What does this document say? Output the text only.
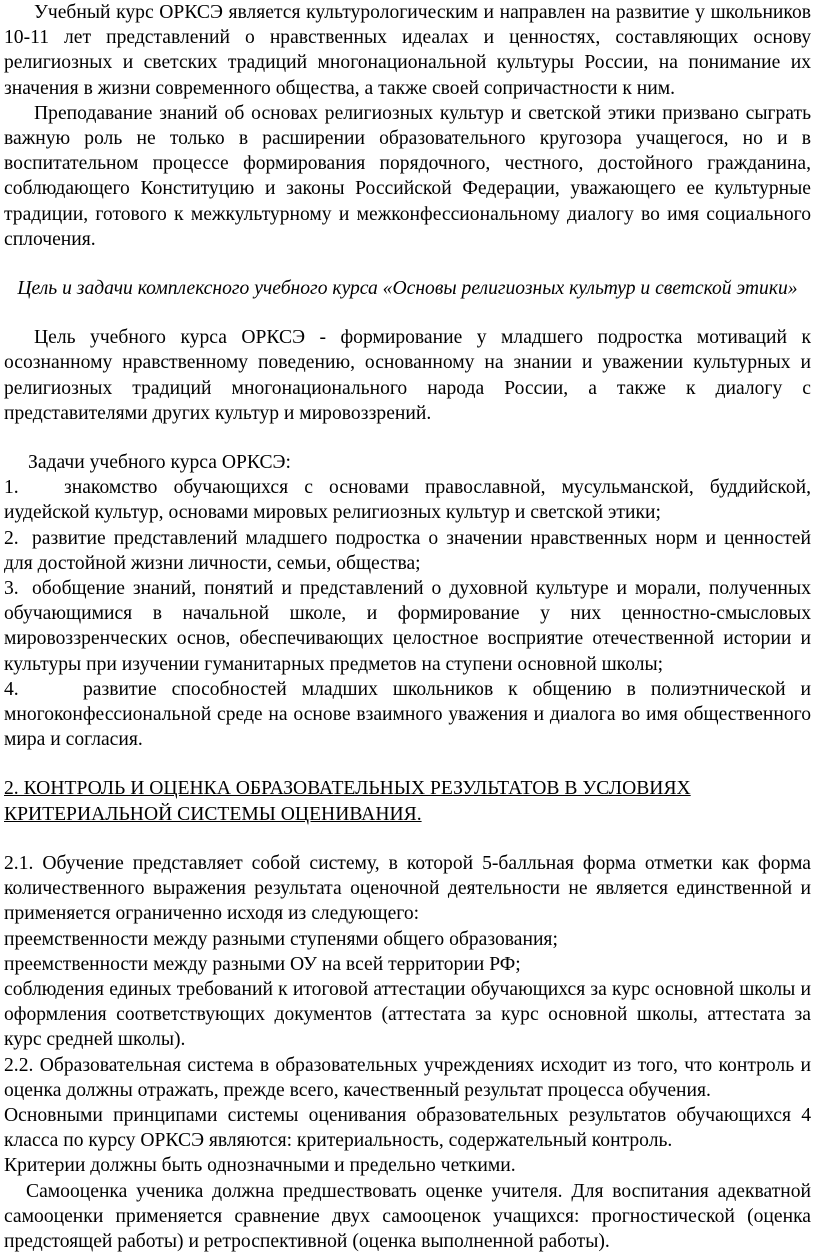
Учебный курс ОРКСЭ является культурологическим и направлен на развитие у школьников 10-11 лет представлений о нравственных идеалах и ценностях, составляющих основу религиозных и светских традиций многонациональной культуры России, на понимание их значения в жизни современного общества, а также своей сопричастности к ним.

Преподавание знаний об основах религиозных культур и светской этики призвано сыграть важную роль не только в расширении образовательного кругозора учащегося, но и в воспитательном процессе формирования порядочного, честного, достойного гражданина, соблюдающего Конституцию и законы Российской Федерации, уважающего ее культурные традиции, готового к межкультурному и межконфессиональному диалогу во имя социального сплочения.

Цель и задачи комплексного учебного курса «Основы религиозных культур и светской этики»

Цель учебного курса ОРКСЭ - формирование у младшего подростка мотиваций к осознанному нравственному поведению, основанному на знании и уважении культурных и религиозных традиций многонационального народа России, а также к диалогу с представителями других культур и мировоззрений.

Задачи учебного курса ОРКСЭ:

1. знакомство обучающихся с основами православной, мусульманской, буддийской, иудейской культур, основами мировых религиозных культур и светской этики;

2. развитие представлений младшего подростка о значении нравственных норм и ценностей для достойной жизни личности, семьи, общества;

3. обобщение знаний, понятий и представлений о духовной культуре и морали, полученных обучающимися в начальной школе, и формирование у них ценностно-смысловых мировоззренческих основ, обеспечивающих целостное восприятие отечественной истории и культуры при изучении гуманитарных предметов на ступени основной школы;

4.	развитие способностей младших школьников к общению в полиэтнической и многоконфессиональной среде на основе взаимного уважения и диалога во имя общественного мира и согласия.

2. КОНТРОЛЬ И ОЦЕНКА ОБРАЗОВАТЕЛЬНЫХ РЕЗУЛЬТАТОВ В УСЛОВИЯХ КРИТЕРИАЛЬНОЙ СИСТЕМЫ ОЦЕНИВАНИЯ.

2.1. Обучение представляет собой систему, в которой 5-балльная форма отметки как форма количественного выражения результата оценочной деятельности не является единственной и применяется ограниченно исходя из следующего:

преемственности между разными ступенями общего образования;

преемственности между разными ОУ на всей территории РФ;

соблюдения единых требований к итоговой аттестации обучающихся за курс основной школы и оформления соответствующих документов (аттестата за курс основной школы, аттестата за курс средней школы).

2.2. Образовательная система в образовательных учреждениях исходит из того, что контроль и оценка должны отражать, прежде всего, качественный результат процесса обучения.

Основными принципами системы оценивания образовательных результатов обучающихся 4 класса по курсу ОРКСЭ являются: критериальность, содержательный контроль.

Критерии должны быть однозначными и предельно четкими.

Самооценка ученика должна предшествовать оценке учителя. Для воспитания адекватной самооценки применяется сравнение двух самооценок учащихся: прогностической (оценка предстоящей работы) и ретроспективной (оценка выполненной работы).
